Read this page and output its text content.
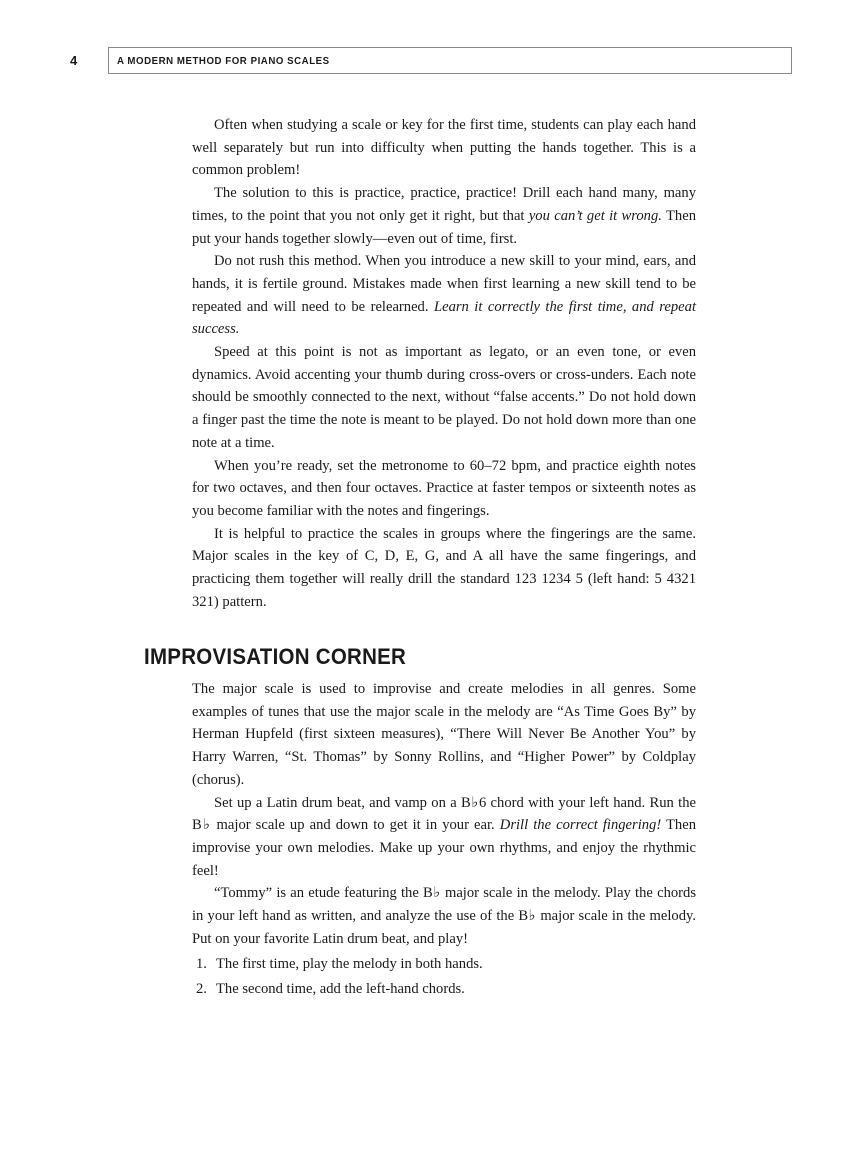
4	A MODERN METHOD FOR PIANO SCALES

Often when studying a scale or key for the first time, students can play each hand well separately but run into difficulty when putting the hands together. This is a common problem!

The solution to this is practice, practice, practice! Drill each hand many, many times, to the point that you not only get it right, but that you can’t get it wrong. Then put your hands together slowly—even out of time, first.

Do not rush this method. When you introduce a new skill to your mind, ears, and hands, it is fertile ground. Mistakes made when first learning a new skill tend to be repeated and will need to be relearned. Learn it correctly the first time, and repeat success.

Speed at this point is not as important as legato, or an even tone, or even dynamics. Avoid accenting your thumb during cross-overs or cross-unders. Each note should be smoothly connected to the next, without “false accents.” Do not hold down a finger past the time the note is meant to be played. Do not hold down more than one note at a time.

When you’re ready, set the metronome to 60–72 bpm, and practice eighth notes for two octaves, and then four octaves. Practice at faster tempos or sixteenth notes as you become familiar with the notes and fingerings.

It is helpful to practice the scales in groups where the fingerings are the same. Major scales in the key of C, D, E, G, and A all have the same fingerings, and practicing them together will really drill the standard 123 1234 5 (left hand: 5 4321 321) pattern.

IMPROVISATION CORNER

The major scale is used to improvise and create melodies in all genres. Some examples of tunes that use the major scale in the melody are “As Time Goes By” by Herman Hupfeld (first sixteen measures), “There Will Never Be Another You” by Harry Warren, “St. Thomas” by Sonny Rollins, and “Higher Power” by Coldplay (chorus).

Set up a Latin drum beat, and vamp on a B♭6 chord with your left hand. Run the B♭ major scale up and down to get it in your ear. Drill the correct fingering! Then improvise your own melodies. Make up your own rhythms, and enjoy the rhythmic feel!

“Tommy” is an etude featuring the B♭ major scale in the melody. Play the chords in your left hand as written, and analyze the use of the B♭ major scale in the melody. Put on your favorite Latin drum beat, and play!

1. The first time, play the melody in both hands.
2. The second time, add the left-hand chords.
